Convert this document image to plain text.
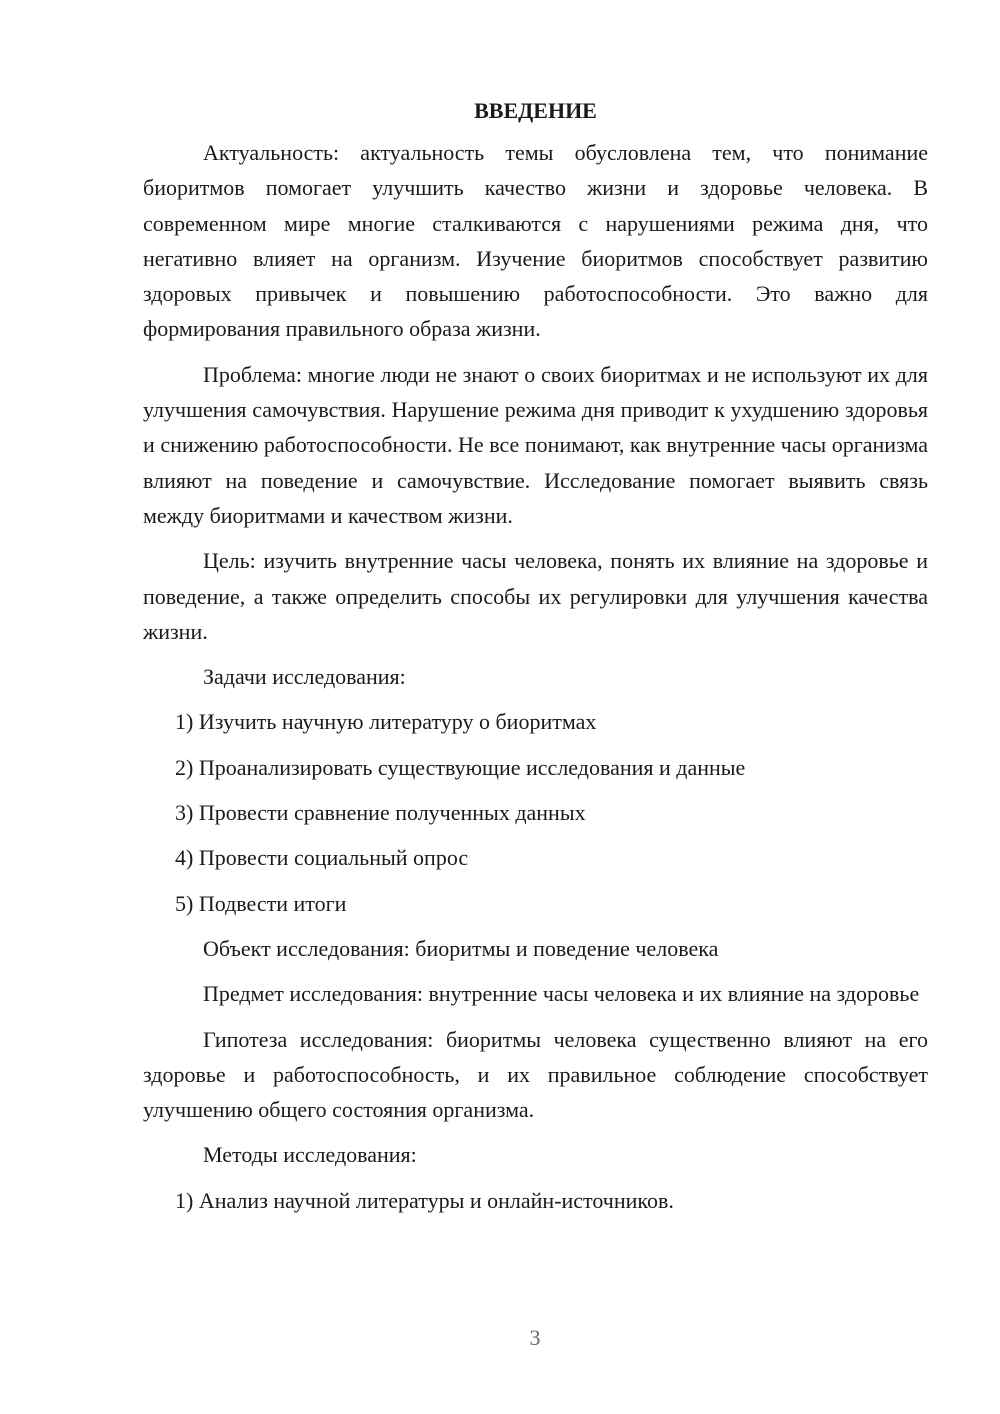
ВВЕДЕНИЕ

Актуальность: актуальность темы обусловлена тем, что понимание биоритмов помогает улучшить качество жизни и здоровье человека. В современном мире многие сталкиваются с нарушениями режима дня, что негативно влияет на организм. Изучение биоритмов способствует развитию здоровых привычек и повышению работоспособности. Это важно для формирования правильного образа жизни.

Проблема: многие люди не знают о своих биоритмах и не используют их для улучшения самочувствия. Нарушение режима дня приводит к ухудшению здоровья и снижению работоспособности. Не все понимают, как внутренние часы организма влияют на поведение и самочувствие. Исследование помогает выявить связь между биоритмами и качеством жизни.

Цель: изучить внутренние часы человека, понять их влияние на здоровье и поведение, а также определить способы их регулировки для улучшения качества жизни.

Задачи исследования:

1) Изучить научную литературу о биоритмах

2) Проанализировать существующие исследования и данные

3) Провести сравнение полученных данных

4) Провести социальный опрос

5) Подвести итоги

Объект исследования: биоритмы и поведение человека

Предмет исследования: внутренние часы человека и их влияние на здоровье

Гипотеза исследования: биоритмы человека существенно влияют на его здоровье и работоспособность, и их правильное соблюдение способствует улучшению общего состояния организма.

Методы исследования:

1) Анализ научной литературы и онлайн-источников.

3
